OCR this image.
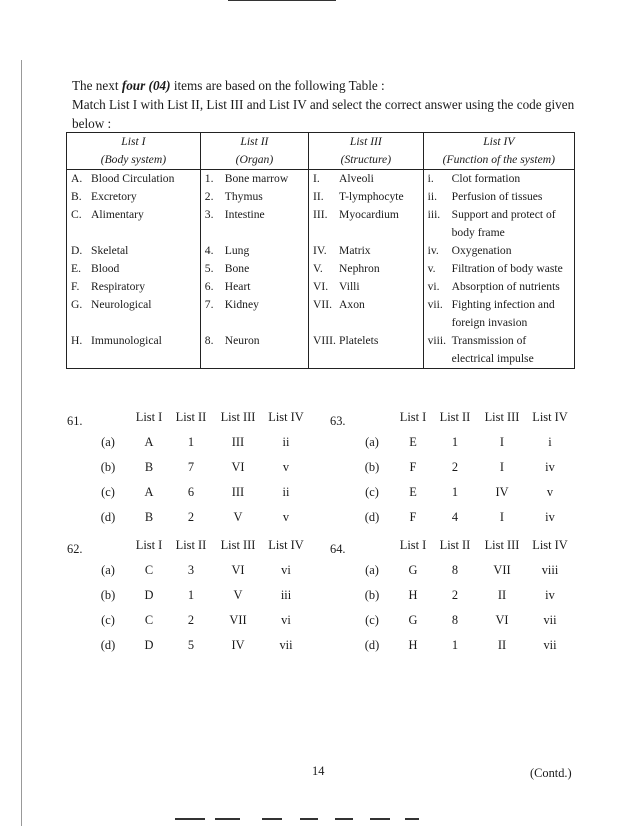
The next four (04) items are based on the following Table :

Match List I with List II, List III and List IV and select the correct answer using the code given

below :

List I	List II	List III	List IV
(Body system)	(Organ)	(Structure)	(Function of the system)
A. Blood Circulation	1. Bone marrow	I. Alveoli	i. Clot formation
B. Excretory	2. Thymus	II. T-lymphocyte	ii. Perfusion of tissues
C. Alimentary	3. Intestine	III. Myocardium	iii. Support and protect of body frame
D. Skeletal	4. Lung	IV. Matrix	iv. Oxygenation
E. Blood	5. Bone	V. Nephron	v. Filtration of body waste
F. Respiratory	6. Heart	VI. Villi	vi. Absorption of nutrients
G. Neurological	7. Kidney	VII. Axon	vii. Fighting infection and foreign invasion
H. Immunological	8. Neuron	VIII. Platelets	viii. Transmission of electrical impulse
61.
		List I	List II	List III	List IV
(a)	A	1	III	ii
(b)	B	7	VI	v
(c)	A	6	III	ii
(d)	B	2	V	v
62.
		List I	List II	List III	List IV
(a)	C	3	VI	vi
(b)	D	1	V	iii
(c)	C	2	VII	vi
(d)	D	5	IV	vii
63.
		List I	List II	List III	List IV
(a)	E	1	I	i
(b)	F	2	I	iv
(c)	E	1	IV	v
(d)	F	4	I	iv
64.
		List I	List II	List III	List IV
(a)	G	8	VII	viii
(b)	H	2	II	iv
(c)	G	8	VI	vii
(d)	H	1	II	vii
14	(Contd.)
